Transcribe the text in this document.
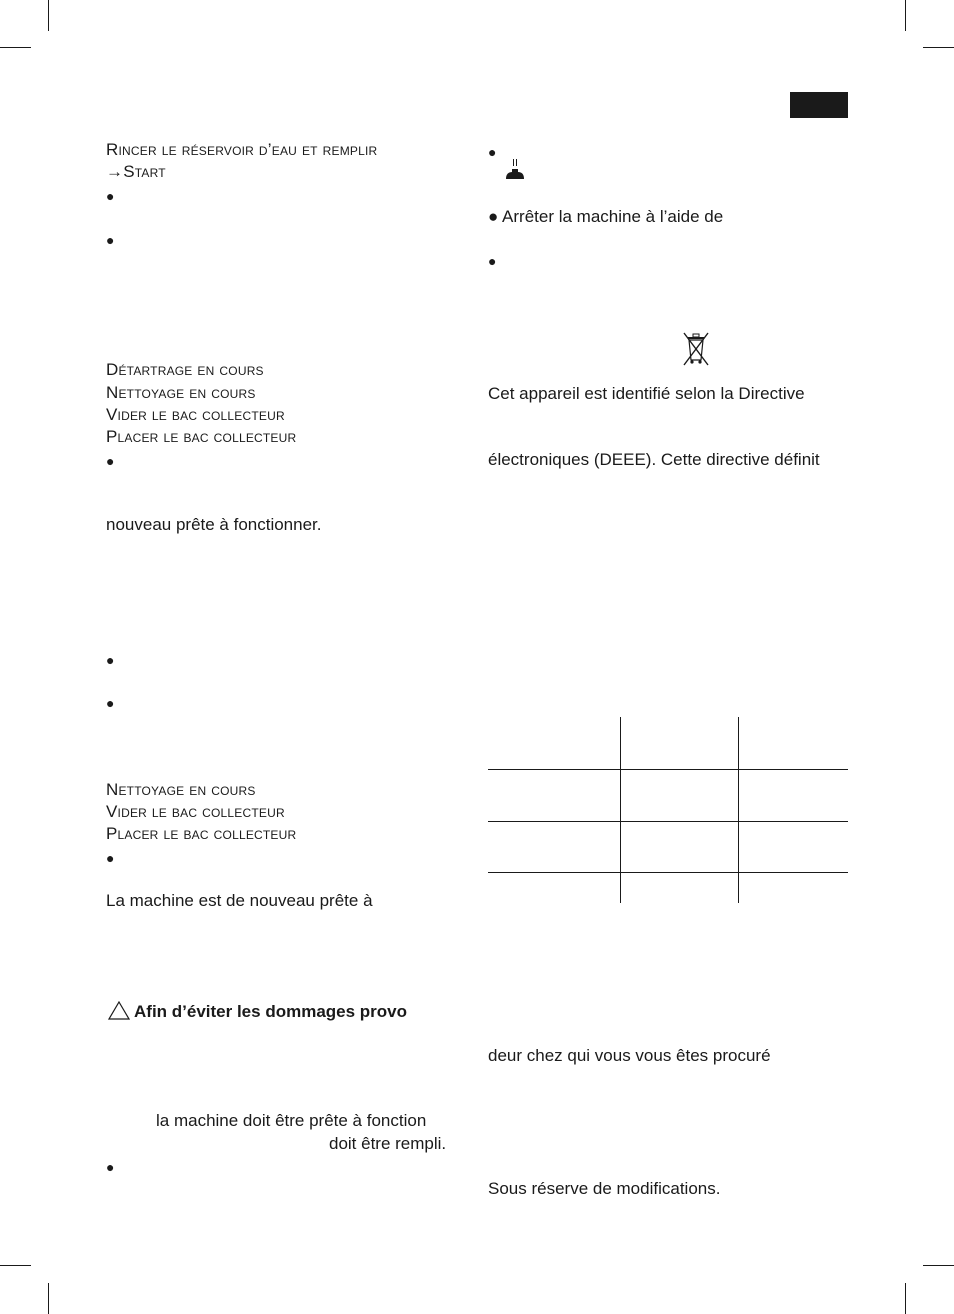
Rincer le réservoir d’eau et remplir
→Start
●
●
Détartrage en cours
Nettoyage en cours
Vider le bac collecteur
Placer le bac collecteur
●
nouveau prête à fonctionner.
●
●
Nettoyage en cours
Vider le bac collecteur
Placer le bac collecteur
●
La machine est de nouveau prête à
Afin d’éviter les dommages provo
la machine doit être prête à fonction
doit être rempli.
●
●
● Arrêter la machine à l’aide de
●
Cet appareil est identifié selon la Directive
électroniques (DEEE). Cette directive définit
deur chez qui vous vous êtes procuré
Sous réserve de modifications.
